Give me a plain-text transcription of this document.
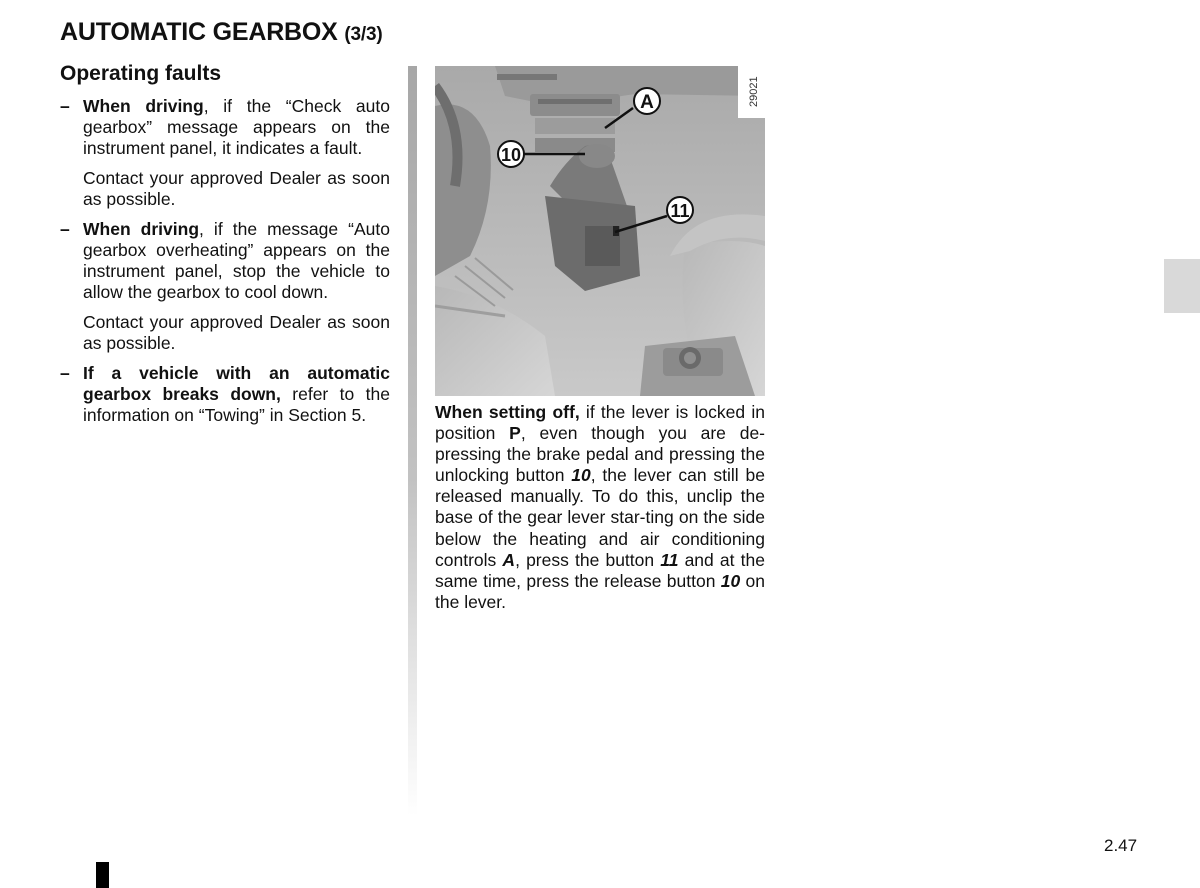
AUTOMATIC GEARBOX (3/3)
Operating faults
– When driving, if the “Check auto gearbox” message appears on the instrument panel, it indicates a fault.
Contact your approved Dealer as soon as possible.
– When driving, if the message “Auto gearbox overheating” appears on the instrument panel, stop the vehicle to allow the gearbox to cool down.
Contact your approved Dealer as soon as possible.
– If a vehicle with an automatic gearbox breaks down, refer to the information on “Towing” in Section 5.
29021
A
10
11
When setting off, if the lever is locked in position P, even though you are de-pressing the brake pedal and pressing the unlocking button 10, the lever can still be released manually. To do this, unclip the base of the gear lever star-ting on the side below the heating and air conditioning controls A, press the button 11 and at the same time, press the release button 10 on the lever.
2.47
